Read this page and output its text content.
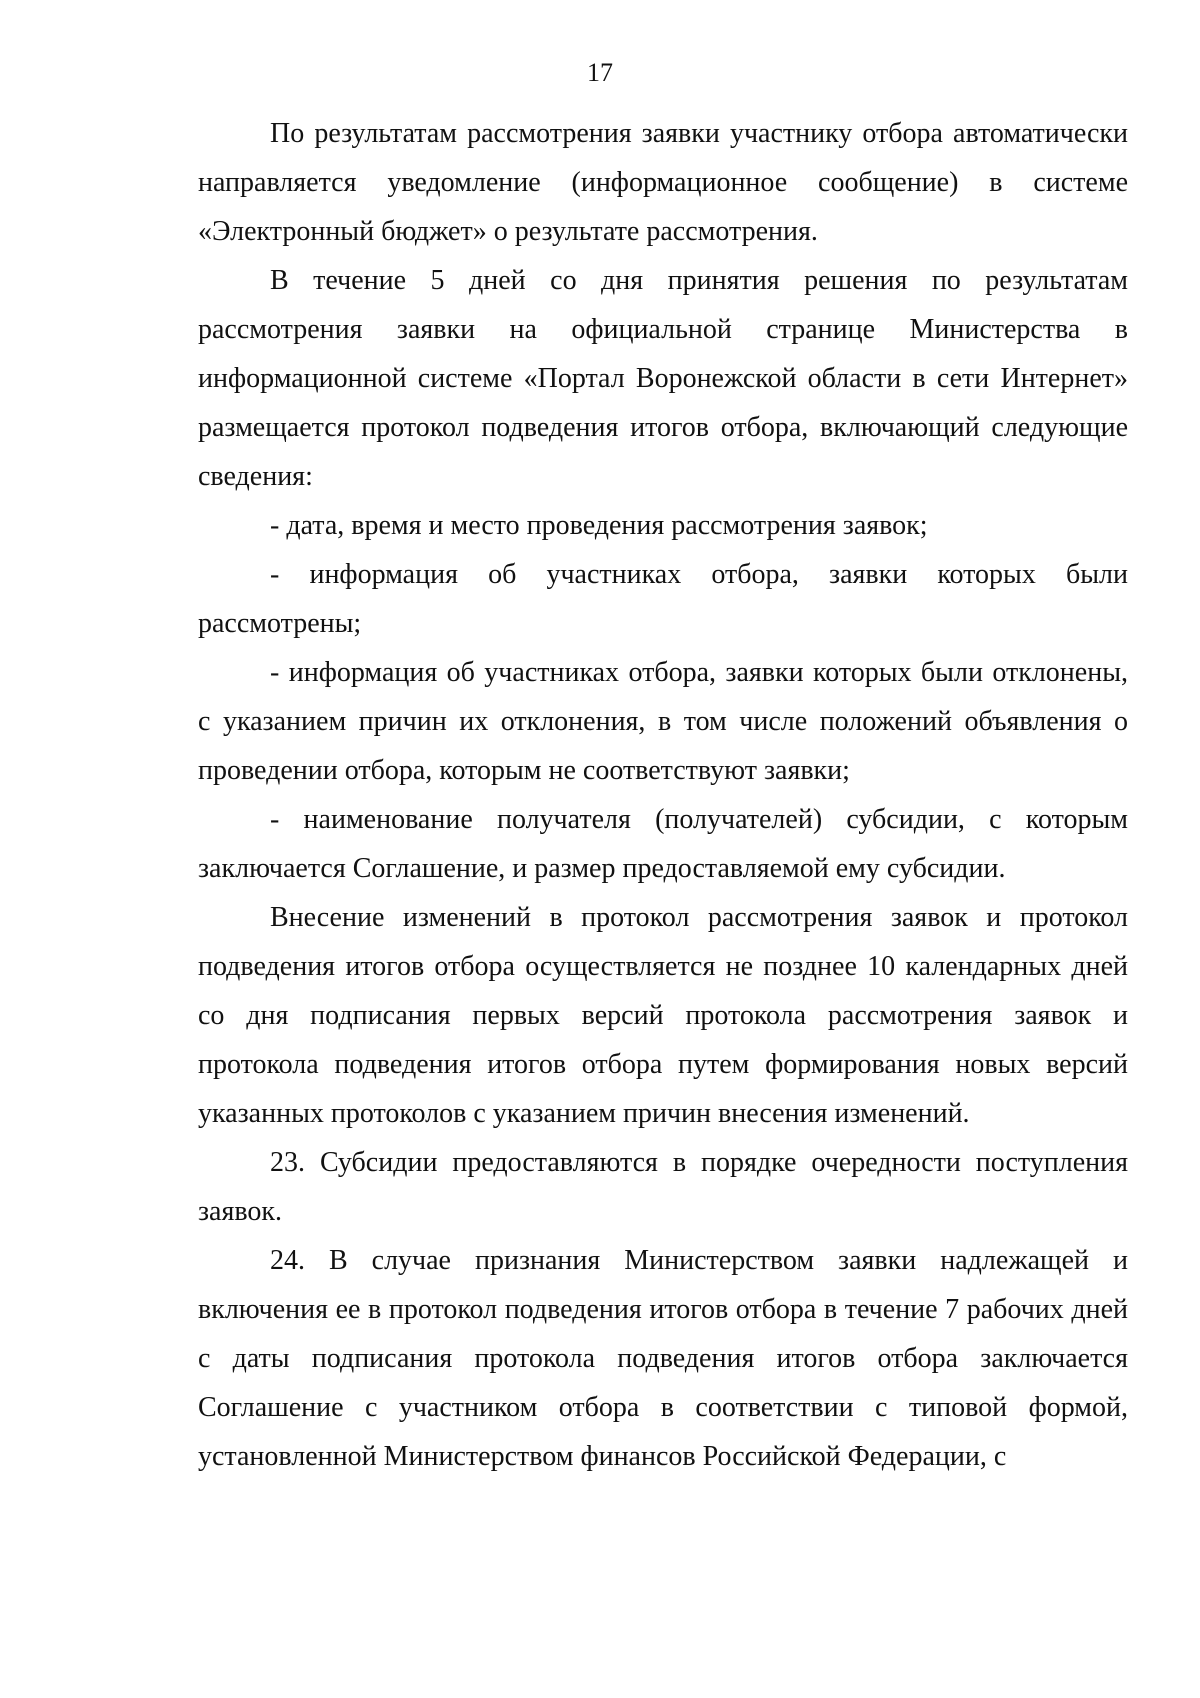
17

По результатам рассмотрения заявки участнику отбора автоматически направляется уведомление (информационное сообщение) в системе «Электронный бюджет» о результате рассмотрения.

В течение 5 дней со дня принятия решения по результатам рассмотрения заявки на официальной странице Министерства в информационной системе «Портал Воронежской области в сети Интернет» размещается протокол подведения итогов отбора, включающий следующие сведения:

- дата, время и место проведения рассмотрения заявок;

- информация об участниках отбора, заявки которых были рассмотрены;

- информация об участниках отбора, заявки которых были отклонены, с указанием причин их отклонения, в том числе положений объявления о проведении отбора, которым не соответствуют заявки;

- наименование получателя (получателей) субсидии, с которым заключается Соглашение, и размер предоставляемой ему субсидии.

Внесение изменений в протокол рассмотрения заявок и протокол подведения итогов отбора осуществляется не позднее 10 календарных дней со дня подписания первых версий протокола рассмотрения заявок и протокола подведения итогов отбора путем формирования новых версий указанных протоколов с указанием причин внесения изменений.

23. Субсидии предоставляются в порядке очередности поступления заявок.

24. В случае признания Министерством заявки надлежащей и включения ее в протокол подведения итогов отбора в течение 7 рабочих дней с даты подписания протокола подведения итогов отбора заключается Соглашение с участником отбора в соответствии с типовой формой, установленной Министерством финансов Российской Федерации, с
